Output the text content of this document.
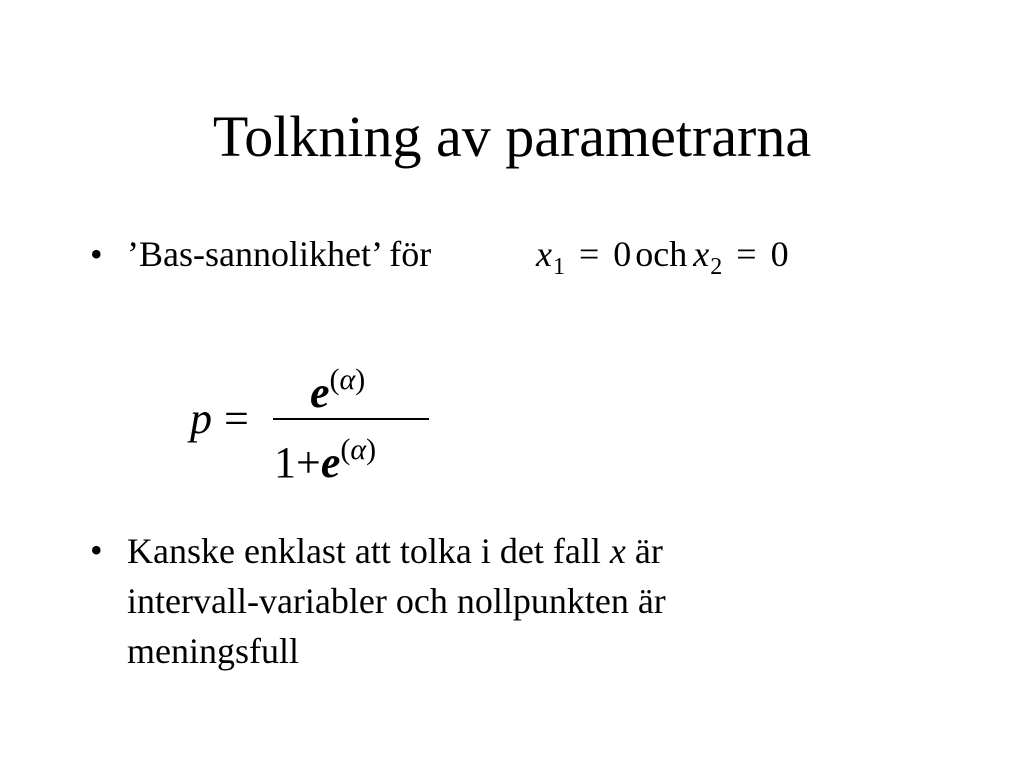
Tolkning av parametrarna
• ’Bas-sannolikhet’ för	$x_1 = 0$ och $x_2 = 0$
p =
$e^{(\alpha)}$
$1+e^{(\alpha)}$
• Kanske enklast att tolka i det fall x är
intervall-variabler och nollpunkten är
meningsfull
